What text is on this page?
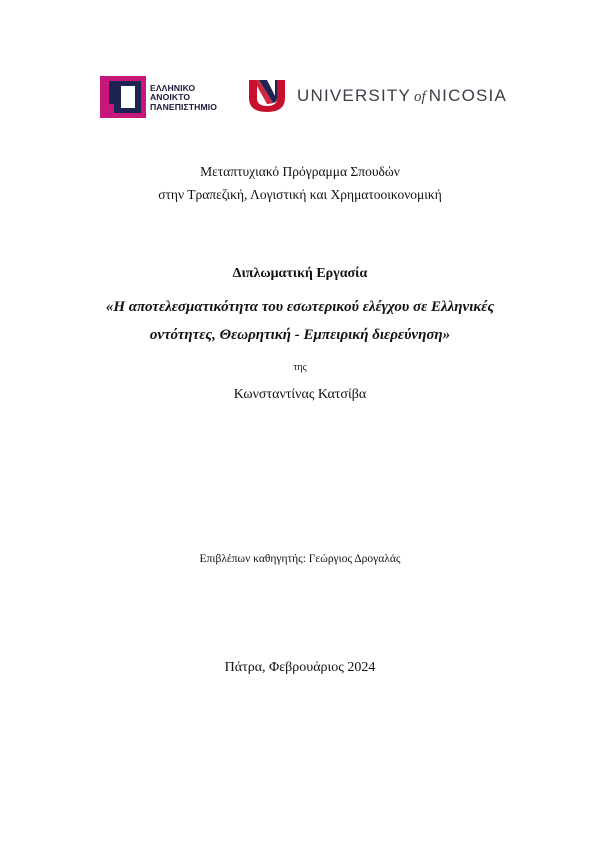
ΕΛΛΗΝΙΚΟ
ΑΝΟΙΚΤΟ
ΠΑΝΕΠΙΣΤΗΜΙΟ
UNIVERSITY of NICOSIA
Μεταπτυχιακό Πρόγραμμα Σπουδών
στην Τραπεζική, Λογιστική και Χρηματοοικονομική
Διπλωματική Εργασία
«Η αποτελεσματικότητα του εσωτερικού ελέγχου σε Ελληνικές
οντότητες, Θεωρητική - Εμπειρική διερεύνηση»
της
Κωνσταντίνας Κατσίβα
Επιβλέπων καθηγητής: Γεώργιος Δρογαλάς
Πάτρα, Φεβρουάριος 2024
